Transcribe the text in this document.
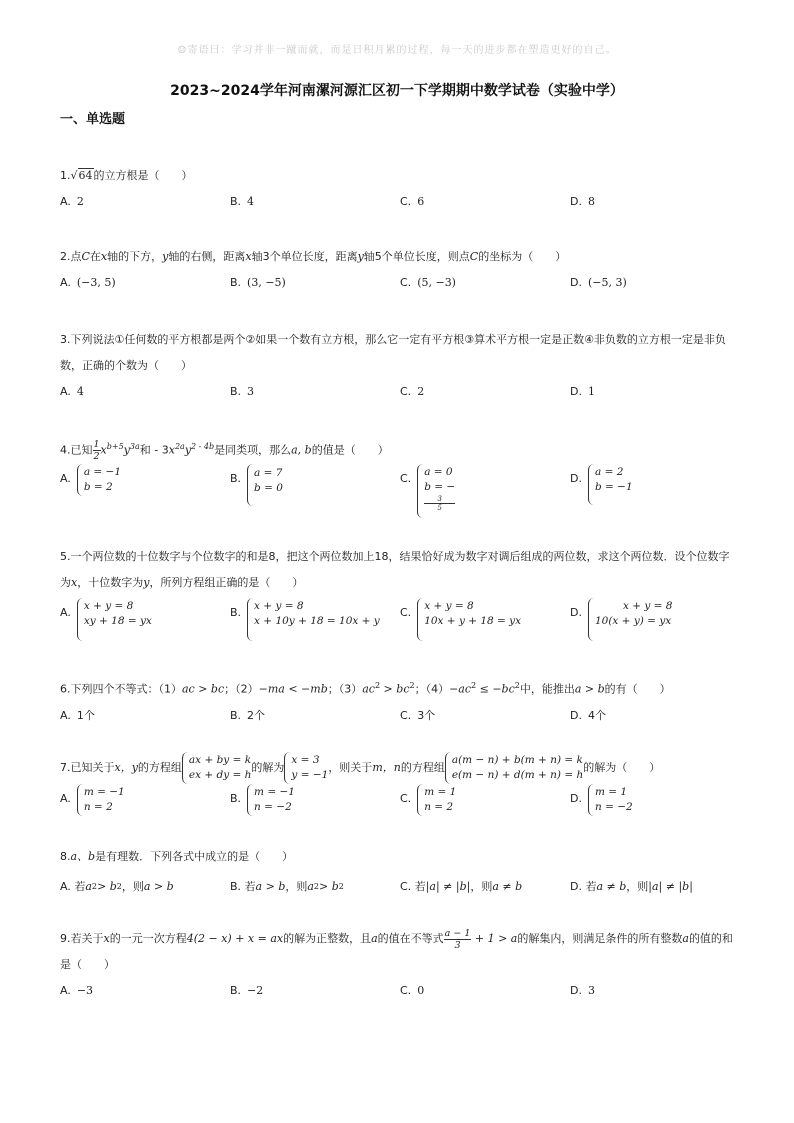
☺寄语曰：学习并非一蹴而就，而是日积月累的过程，每一天的进步都在塑造更好的自己。
2023~2024学年河南漯河源汇区初一下学期期中数学试卷（实验中学）
一、单选题
1.√64的立方根是（　　）
A. 2	B. 4	C. 6	D. 8
2.点C在x轴的下方，y轴的右侧，距离x轴3个单位长度，距离y轴5个单位长度，则点C的坐标为（　　）
A. (−3, 5)	B. (3, −5)	C. (5, −3)	D. (−5, 3)
3.下列说法①任何数的平方根都是两个②如果一个数有立方根，那么它一定有平方根③算术平方根一定是正数④非负数的立方根一定是非负数，正确的个数为（　　）
A. 4	B. 3	C. 2	D. 1
4.已知 $\frac{1}{2} x^{b+5}y^{3a}$和 - $3x^{2a}y^{2 - 4b}$是同类项，那么a, b的值是（　　）
A. a = −1
b = 2
B. a = 7
b = 0
C. a = 0
b = −
3
5
D. a = 2
b = −1
5.一个两位数的十位数字与个位数字的和是8，把这个两位数加上18，结果恰好成为数字对调后组成的两位数，求这个两位数．设个位数字为x，十位数字为y，所列方程组正确的是（　　）
A. x + y = 8
xy + 18 = yx
B. x + y = 8
x + 10y + 18 = 10x + y
C. x + y = 8
10x + y + 18 = yx
D.	x + y = 8
10(x + y) = yx
6.下列四个不等式：（1）ac > bc；（2）−ma < −mb；$(3)ac^2 > bc^2$；$(4)-ac^2 \le -bc^2$中，能推出a > b的有（　　）
A. 1个	B. 2个	C. 3个	D. 4个
7.已知关于x，y的方程组
ax + by = k
ex + dy = h
的解为
x = 3
y = −1
，则关于m，n的方程组
a(m − n) + b(m + n) = k
e(m − n) + d(m + n) = h
的解为（　　）
A. m = −1
n = 2
B. m = −1
n = −2
C. m = 1
n = 2
D. m = 1
n = −2
8.a、b是有理数．下列各式中成立的是（　　）
A. 若 a 2 > b 2 ，则 a > b	B. 若 a > b ，则 a 2 > b 2	C. 若 |a| ≠ |b| ，则 a ≠ b	D. 若 a ≠ b ，则 |a| ≠ |b|
9.若关于x的一元一次方程4(2 − x) + x = ax的解为正整数，且a的值在不等式 $\frac{a - 1}{3} + 1 > a$的解集内，则满足条件的所有整数a的值的和是（　　）
A. −3	B. −2	C. 0	D. 3
